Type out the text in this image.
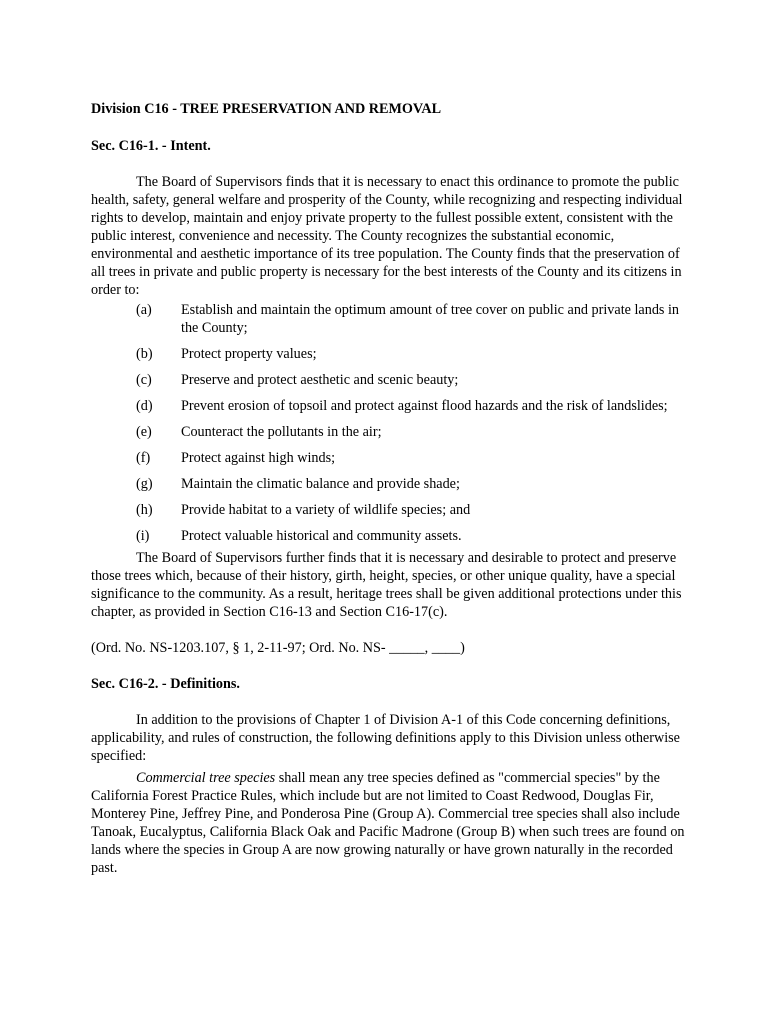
Division C16 - TREE PRESERVATION AND REMOVAL

Sec. C16-1. - Intent.

The Board of Supervisors finds that it is necessary to enact this ordinance to promote the public health, safety, general welfare and prosperity of the County, while recognizing and respecting individual rights to develop, maintain and enjoy private property to the fullest possible extent, consistent with the public interest, convenience and necessity. The County recognizes the substantial economic, environmental and aesthetic importance of its tree population. The County finds that the preservation of all trees in private and public property is necessary for the best interests of the County and its citizens in order to:

(a)	Establish and maintain the optimum amount of tree cover on public and private lands in the County;
(b)	Protect property values;
(c)	Preserve and protect aesthetic and scenic beauty;
(d)	Prevent erosion of topsoil and protect against flood hazards and the risk of landslides;
(e)	Counteract the pollutants in the air;
(f)	Protect against high winds;
(g)	Maintain the climatic balance and provide shade;
(h)	Provide habitat to a variety of wildlife species; and
(i)	Protect valuable historical and community assets.

The Board of Supervisors further finds that it is necessary and desirable to protect and preserve those trees which, because of their history, girth, height, species, or other unique quality, have a special significance to the community. As a result, heritage trees shall be given additional protections under this chapter, as provided in Section C16-13 and Section C16-17(c).

(Ord. No. NS-1203.107, § 1, 2-11-97; Ord. No. NS- _____, ____)

Sec. C16-2. - Definitions.

In addition to the provisions of Chapter 1 of Division A-1 of this Code concerning definitions, applicability, and rules of construction, the following definitions apply to this Division unless otherwise specified:

Commercial tree species shall mean any tree species defined as "commercial species" by the California Forest Practice Rules, which include but are not limited to Coast Redwood, Douglas Fir, Monterey Pine, Jeffrey Pine, and Ponderosa Pine (Group A). Commercial tree species shall also include Tanoak, Eucalyptus, California Black Oak and Pacific Madrone (Group B) when such trees are found on lands where the species in Group A are now growing naturally or have grown naturally in the recorded past.
